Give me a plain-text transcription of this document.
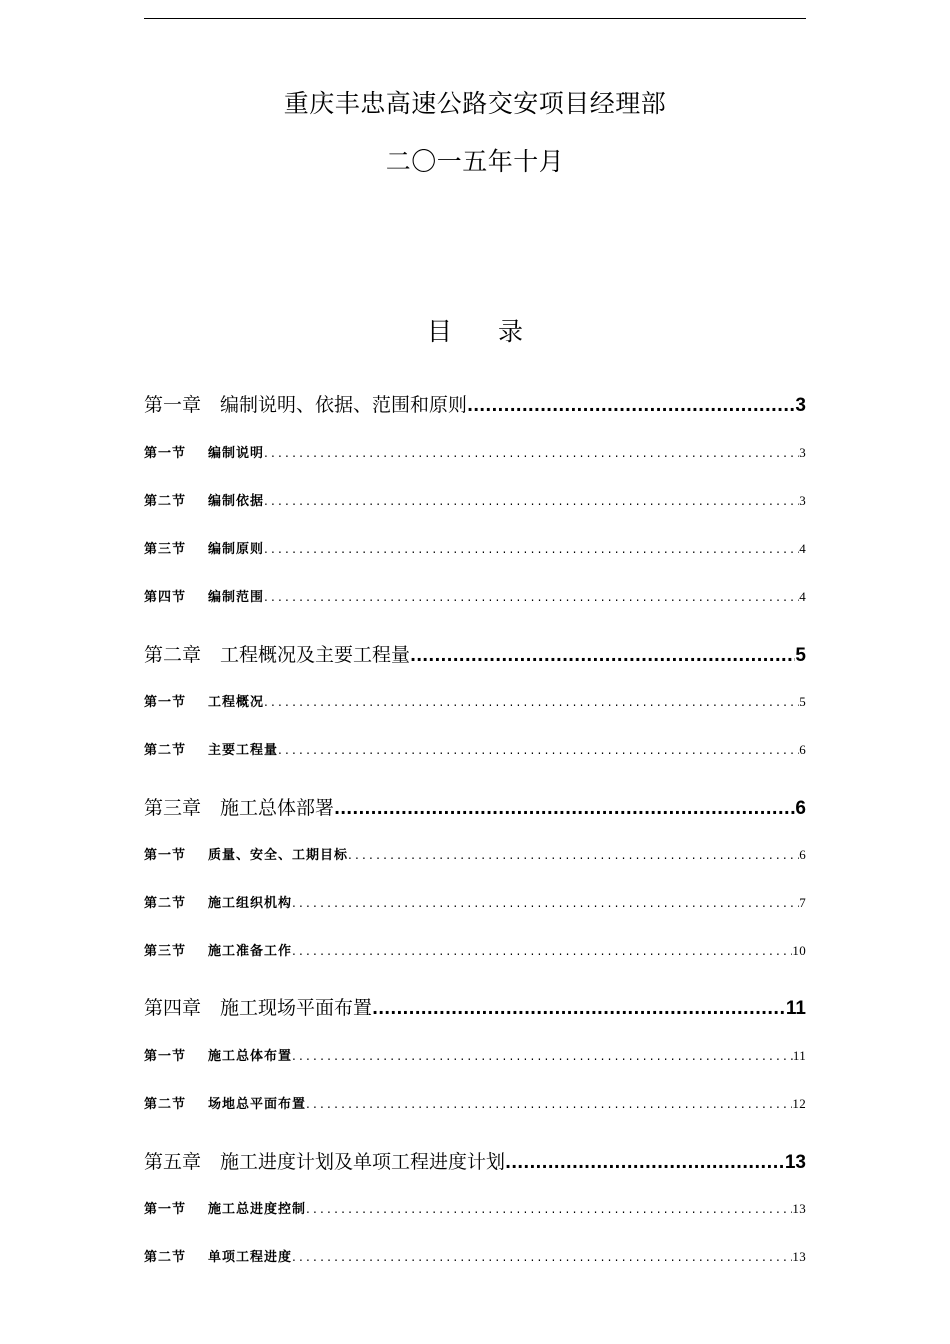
重庆丰忠高速公路交安项目经理部
二〇一五年十月
目 录
第一章 编制说明、依据、范围和原则 .....	3
第一节	编制说明 .....	3
第二节	编制依据 .....	3
第三节	编制原则 .....	4
第四节	编制范围 .....	4
第二章 工程概况及主要工程量 .....	5
第一节	工程概况 .....	5
第二节	主要工程量 .....	6
第三章 施工总体部署 .....	6
第一节	质量、安全、工期目标 .....	6
第二节	施工组织机构 .....	7
第三节	施工准备工作 .....	10
第四章 施工现场平面布置 .....	11
第一节	施工总体布置 .....	11
第二节	场地总平面布置 .....	12
第五章 施工进度计划及单项工程进度计划 .....	13
第一节	施工总进度控制 .....	13
第二节	单项工程进度 .....	13
